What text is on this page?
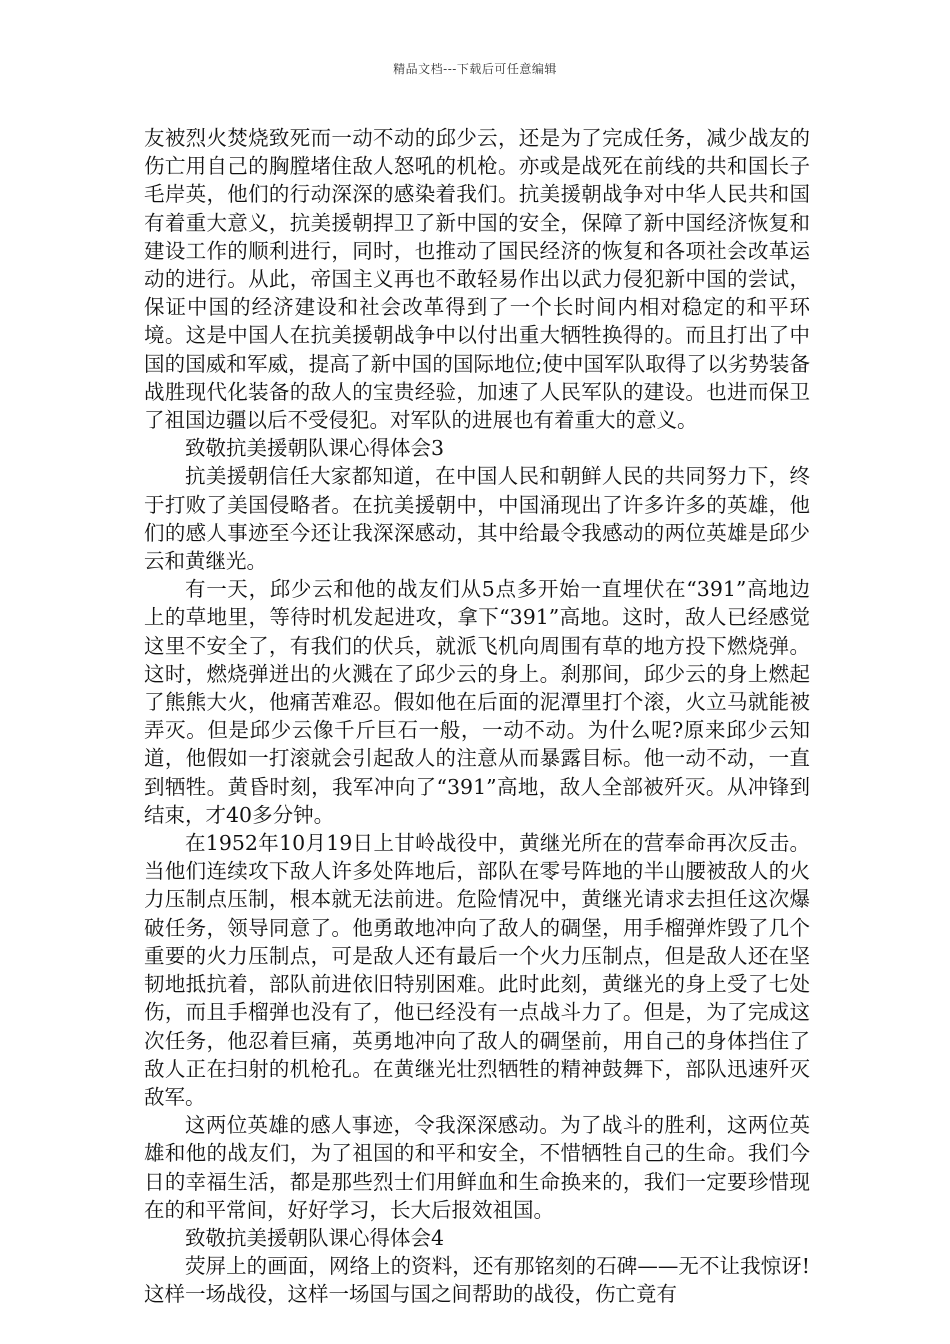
精品文档---下载后可任意编辑

友被烈火焚烧致死而一动不动的邱少云，还是为了完成任务，减少战友的伤亡用自己的胸膛堵住敌人怒吼的机枪。亦或是战死在前线的共和国长子毛岸英，他们的行动深深的感染着我们。抗美援朝战争对中华人民共和国有着重大意义，抗美援朝捍卫了新中国的安全，保障了新中国经济恢复和建设工作的顺利进行，同时，也推动了国民经济的恢复和各项社会改革运动的进行。从此，帝国主义再也不敢轻易作出以武力侵犯新中国的尝试，保证中国的经济建设和社会改革得到了一个长时间内相对稳定的和平环境。这是中国人在抗美援朝战争中以付出重大牺牲换得的。而且打出了中国的国威和军威，提高了新中国的国际地位;使中国军队取得了以劣势装备战胜现代化装备的敌人的宝贵经验，加速了人民军队的建设。也进而保卫了祖国边疆以后不受侵犯。对军队的进展也有着重大的意义。

致敬抗美援朝队课心得体会3

抗美援朝信任大家都知道，在中国人民和朝鲜人民的共同努力下，终于打败了美国侵略者。在抗美援朝中，中国涌现出了许多许多的英雄，他们的感人事迹至今还让我深深感动，其中给最令我感动的两位英雄是邱少云和黄继光。

有一天，邱少云和他的战友们从5点多开始一直埋伏在“391”高地边上的草地里，等待时机发起进攻，拿下“391”高地。这时，敌人已经感觉这里不安全了，有我们的伏兵，就派飞机向周围有草的地方投下燃烧弹。这时，燃烧弹迸出的火溅在了邱少云的身上。刹那间，邱少云的身上燃起了熊熊大火，他痛苦难忍。假如他在后面的泥潭里打个滚，火立马就能被弄灭。但是邱少云像千斤巨石一般，一动不动。为什么呢?原来邱少云知道，他假如一打滚就会引起敌人的注意从而暴露目标。他一动不动，一直到牺牲。黄昏时刻，我军冲向了“391”高地，敌人全部被歼灭。从冲锋到结束，才40多分钟。

在1952年10月19日上甘岭战役中，黄继光所在的营奉命再次反击。当他们连续攻下敌人许多处阵地后，部队在零号阵地的半山腰被敌人的火力压制点压制，根本就无法前进。危险情况中，黄继光请求去担任这次爆破任务，领导同意了。他勇敢地冲向了敌人的碉堡，用手榴弹炸毁了几个重要的火力压制点，可是敌人还有最后一个火力压制点，但是敌人还在坚韧地抵抗着，部队前进依旧特别困难。此时此刻，黄继光的身上受了七处伤，而且手榴弹也没有了，他已经没有一点战斗力了。但是，为了完成这次任务，他忍着巨痛，英勇地冲向了敌人的碉堡前，用自己的身体挡住了敌人正在扫射的机枪孔。在黄继光壮烈牺牲的精神鼓舞下，部队迅速歼灭敌军。

这两位英雄的感人事迹，令我深深感动。为了战斗的胜利，这两位英雄和他的战友们，为了祖国的和平和安全，不惜牺牲自己的生命。我们今日的幸福生活，都是那些烈士们用鲜血和生命换来的，我们一定要珍惜现在的和平常间，好好学习，长大后报效祖国。

致敬抗美援朝队课心得体会4

荧屏上的画面，网络上的资料，还有那铭刻的石碑——无不让我惊讶!这样一场战役，这样一场国与国之间帮助的战役，伤亡竟有
